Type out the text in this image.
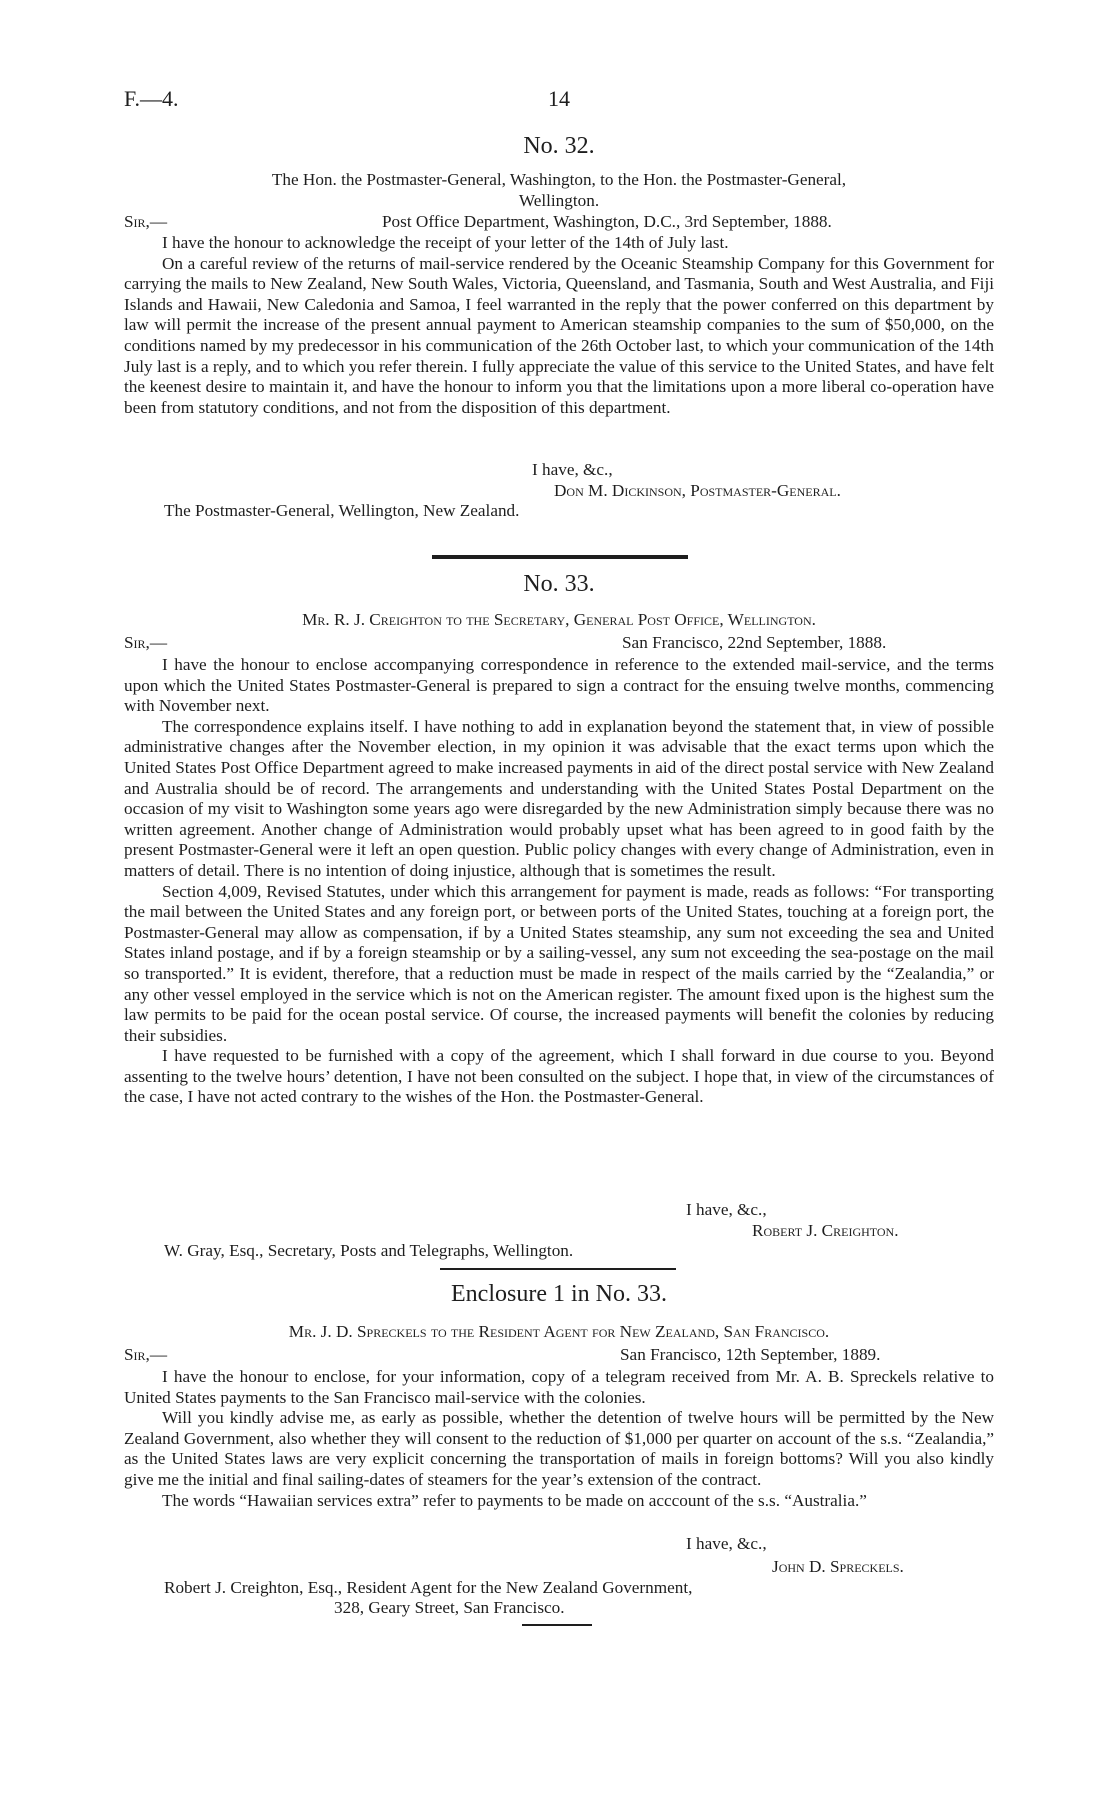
F.—4.	14
No. 32.
The Hon. the Postmaster-General, Washington, to the Hon. the Postmaster-General,
Wellington.
Sir,—	Post Office Department, Washington, D.C., 3rd September, 1888.

I have the honour to acknowledge the receipt of your letter of the 14th of July last.

On a careful review of the returns of mail-service rendered by the Oceanic Steamship Company for this Government for carrying the mails to New Zealand, New South Wales, Victoria, Queensland, and Tasmania, South and West Australia, and Fiji Islands and Hawaii, New Caledonia and Samoa, I feel warranted in the reply that the power conferred on this department by law will permit the increase of the present annual payment to American steamship companies to the sum of $50,000, on the conditions named by my predecessor in his communication of the 26th October last, to which your communication of the 14th July last is a reply, and to which you refer therein. I fully appreciate the value of this service to the United States, and have felt the keenest desire to maintain it, and have the honour to inform you that the limitations upon a more liberal co-operation have been from statutory conditions, and not from the disposition of this department.

I have, &c.,
Don M. Dickinson, Postmaster-General.
The Postmaster-General, Wellington, New Zealand.
No. 33.
Mr. R. J. Creighton to the Secretary, General Post Office, Wellington.
Sir,—	San Francisco, 22nd September, 1888.

I have the honour to enclose accompanying correspondence in reference to the extended mail-service, and the terms upon which the United States Postmaster-General is prepared to sign a contract for the ensuing twelve months, commencing with November next.

The correspondence explains itself. I have nothing to add in explanation beyond the statement that, in view of possible administrative changes after the November election, in my opinion it was advisable that the exact terms upon which the United States Post Office Department agreed to make increased payments in aid of the direct postal service with New Zealand and Australia should be of record. The arrangements and understanding with the United States Postal Department on the occasion of my visit to Washington some years ago were disregarded by the new Administration simply because there was no written agreement. Another change of Administration would probably upset what has been agreed to in good faith by the present Postmaster-General were it left an open question. Public policy changes with every change of Administration, even in matters of detail. There is no intention of doing injustice, although that is sometimes the result.

Section 4,009, Revised Statutes, under which this arrangement for payment is made, reads as follows: “For transporting the mail between the United States and any foreign port, or between ports of the United States, touching at a foreign port, the Postmaster-General may allow as compensation, if by a United States steamship, any sum not exceeding the sea and United States inland postage, and if by a foreign steamship or by a sailing-vessel, any sum not exceeding the sea-postage on the mail so transported.” It is evident, therefore, that a reduction must be made in respect of the mails carried by the “Zealandia,” or any other vessel employed in the service which is not on the American register. The amount fixed upon is the highest sum the law permits to be paid for the ocean postal service. Of course, the increased payments will benefit the colonies by reducing their subsidies.

I have requested to be furnished with a copy of the agreement, which I shall forward in due course to you. Beyond assenting to the twelve hours’ detention, I have not been consulted on the subject. I hope that, in view of the circumstances of the case, I have not acted contrary to the wishes of the Hon. the Postmaster-General.

I have, &c.,
Robert J. Creighton.
W. Gray, Esq., Secretary, Posts and Telegraphs, Wellington.
Enclosure 1 in No. 33.
Mr. J. D. Spreckels to the Resident Agent for New Zealand, San Francisco.
Sir,—	San Francisco, 12th September, 1889.

I have the honour to enclose, for your information, copy of a telegram received from Mr. A. B. Spreckels relative to United States payments to the San Francisco mail-service with the colonies.

Will you kindly advise me, as early as possible, whether the detention of twelve hours will be permitted by the New Zealand Government, also whether they will consent to the reduction of $1,000 per quarter on account of the s.s. “Zealandia,” as the United States laws are very explicit concerning the transportation of mails in foreign bottoms? Will you also kindly give me the initial and final sailing-dates of steamers for the year’s extension of the contract.

The words “Hawaiian services extra” refer to payments to be made on acccount of the s.s. “Australia.”

John D. Spreckels.
Robert J. Creighton, Esq., Resident Agent for the New Zealand Government,
328, Geary Street, San Francisco.
I have, &c.,
